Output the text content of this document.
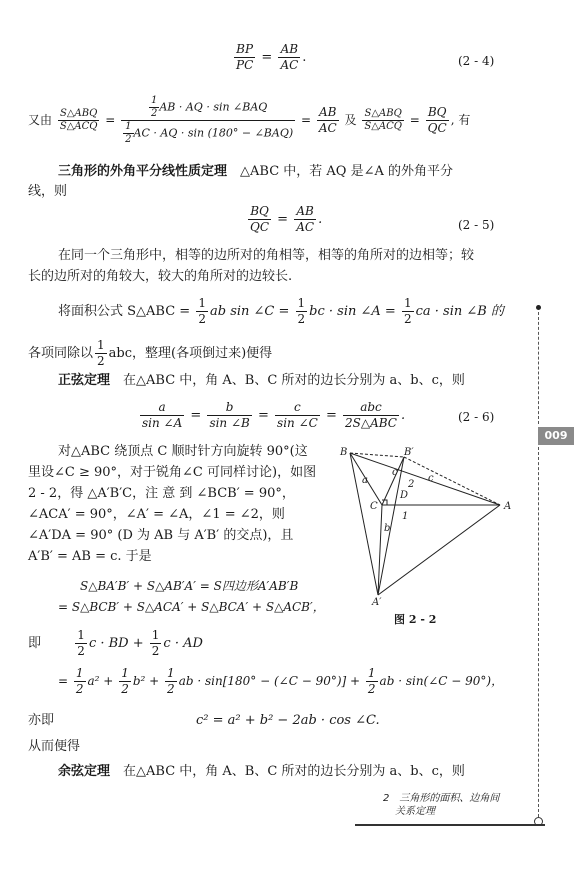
$\frac{BP}{PC} = \frac{AB}{AC}$ .	(2 - 4)
又由 $\frac{\text{S△ABQ}}{\text{S△ACQ}} = \frac{\frac{1}{2} AB \cdot AQ \cdot \sin \angle BAQ}{\frac{1}{2} AC \cdot AQ \cdot \sin (180^\circ - \angle BAQ)} = \frac{AB}{AC}$ 及 $\frac{\text{S△ABQ}}{\text{S△ACQ}} = \frac{BQ}{QC}$ , 有
三角形的外角平分线性质定理　△ABC 中，若 AQ 是∠A 的外角平分
线，则
$\frac{BQ}{QC} = \frac{AB}{AC}$ .	(2 - 5)
在同一个三角形中，相等的边所对的角相等，相等的角所对的边相等；较
长的边所对的角较大，较大的角所对的边较长.
将面积公式 S△ABC = $\frac{1}{2}$ ab sin ∠C = $\frac{1}{2}$ bc · sin ∠A = $\frac{1}{2}$ ca · sin ∠B 的
各项同除以 $\frac{1}{2}$ abc，整理(各项倒过来)便得
正弦定理　在△ABC 中，角 A、B、C 所对的边长分别为 a、b、c，则
$\frac{a}{\sin \angle A} = \frac{b}{\sin \angle B} = \frac{c}{\sin \angle C} = \frac{\text{abc}}{\text{2S△ABC}}$ .	(2 - 6)
对△ABC 绕顶点 C 顺时针方向旋转 90°(这
里设∠C ≥ 90°，对于锐角∠C 可同样讨论)，如图
2 - 2，得 △A′B′C，注 意 到 ∠BCB′ = 90°，
∠ACA′ = 90°，∠A′ = ∠A，∠1 = ∠2，则
∠A′DA = 90° (D 为 AB 与 A′B′ 的交点)，且
A′B′ = AB = c. 于是
S△BA′B′ + S△AB′A′ = S四边形A′AB′B
= S△BCB′ + S△ACA′ + S△BCA′ + S△ACB′，
B	B′
A
A′
C
D
1
2
a
b
c
c
图 2 - 2
即	$\frac{1}{2}$ c · BD + $\frac{1}{2}$ c · AD
= $\frac{1}{2} a^2 + \frac{1}{2} b^2 + \frac{1}{2}$ ab · sin[180° − (∠C − $90^\circ)] + \frac{1}{2}$ ab · sin(∠C − 90°)，
亦即	c² = a² + b² − 2ab · cos ∠C.
从而便得
余弦定理　在△ABC 中，角 A、B、C 所对的边长分别为 a、b、c，则
009
2　三角形的面积、边角间
关系定理
